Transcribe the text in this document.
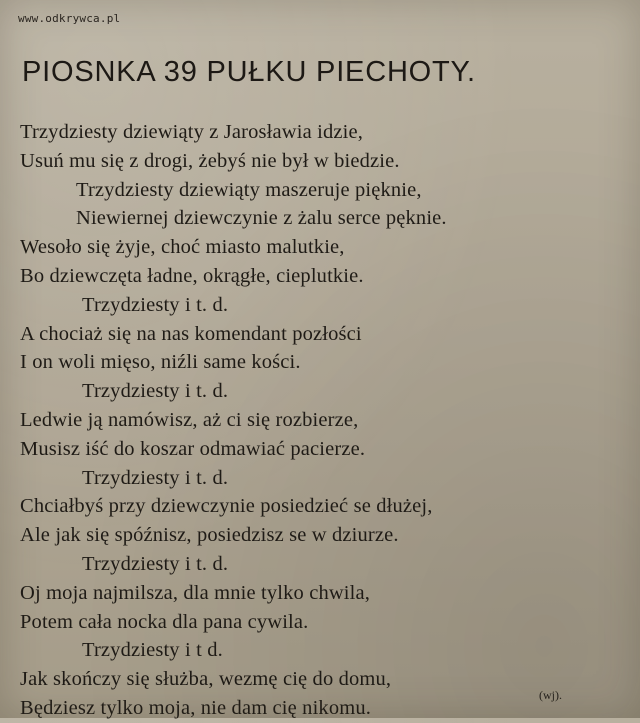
www.odkrywca.pl
PIOSNKA 39 PUŁKU PIECHOTY.
Trzydziesty dziewiąty z Jarosławia idzie,
Usuń mu się z drogi, żebyś nie był w biedzie.
Trzydziesty dziewiąty maszeruje pięknie,
Niewiernej dziewczynie z żalu serce pęknie.
Wesoło się żyje, choć miasto malutkie,
Bo dziewczęta ładne, okrągłe, cieplutkie.
Trzydziesty i t. d.
A chociaż się na nas komendant pozłości
I on woli mięso, niźli same kości.
Trzydziesty i t. d.
Ledwie ją namówisz, aż ci się rozbierze,
Musisz iść do koszar odmawiać pacierze.
Trzydziesty i t. d.
Chciałbyś przy dziewczynie posiedzieć se dłużej,
Ale jak się spóźnisz, posiedzisz se w dziurze.
Trzydziesty i t. d.
Oj moja najmilsza, dla mnie tylko chwila,
Potem cała nocka dla pana cywila.
Trzydziesty i t d.
Jak skończy się służba, wezmę cię do domu,
Będziesz tylko moja, nie dam cię nikomu.
(wj).
